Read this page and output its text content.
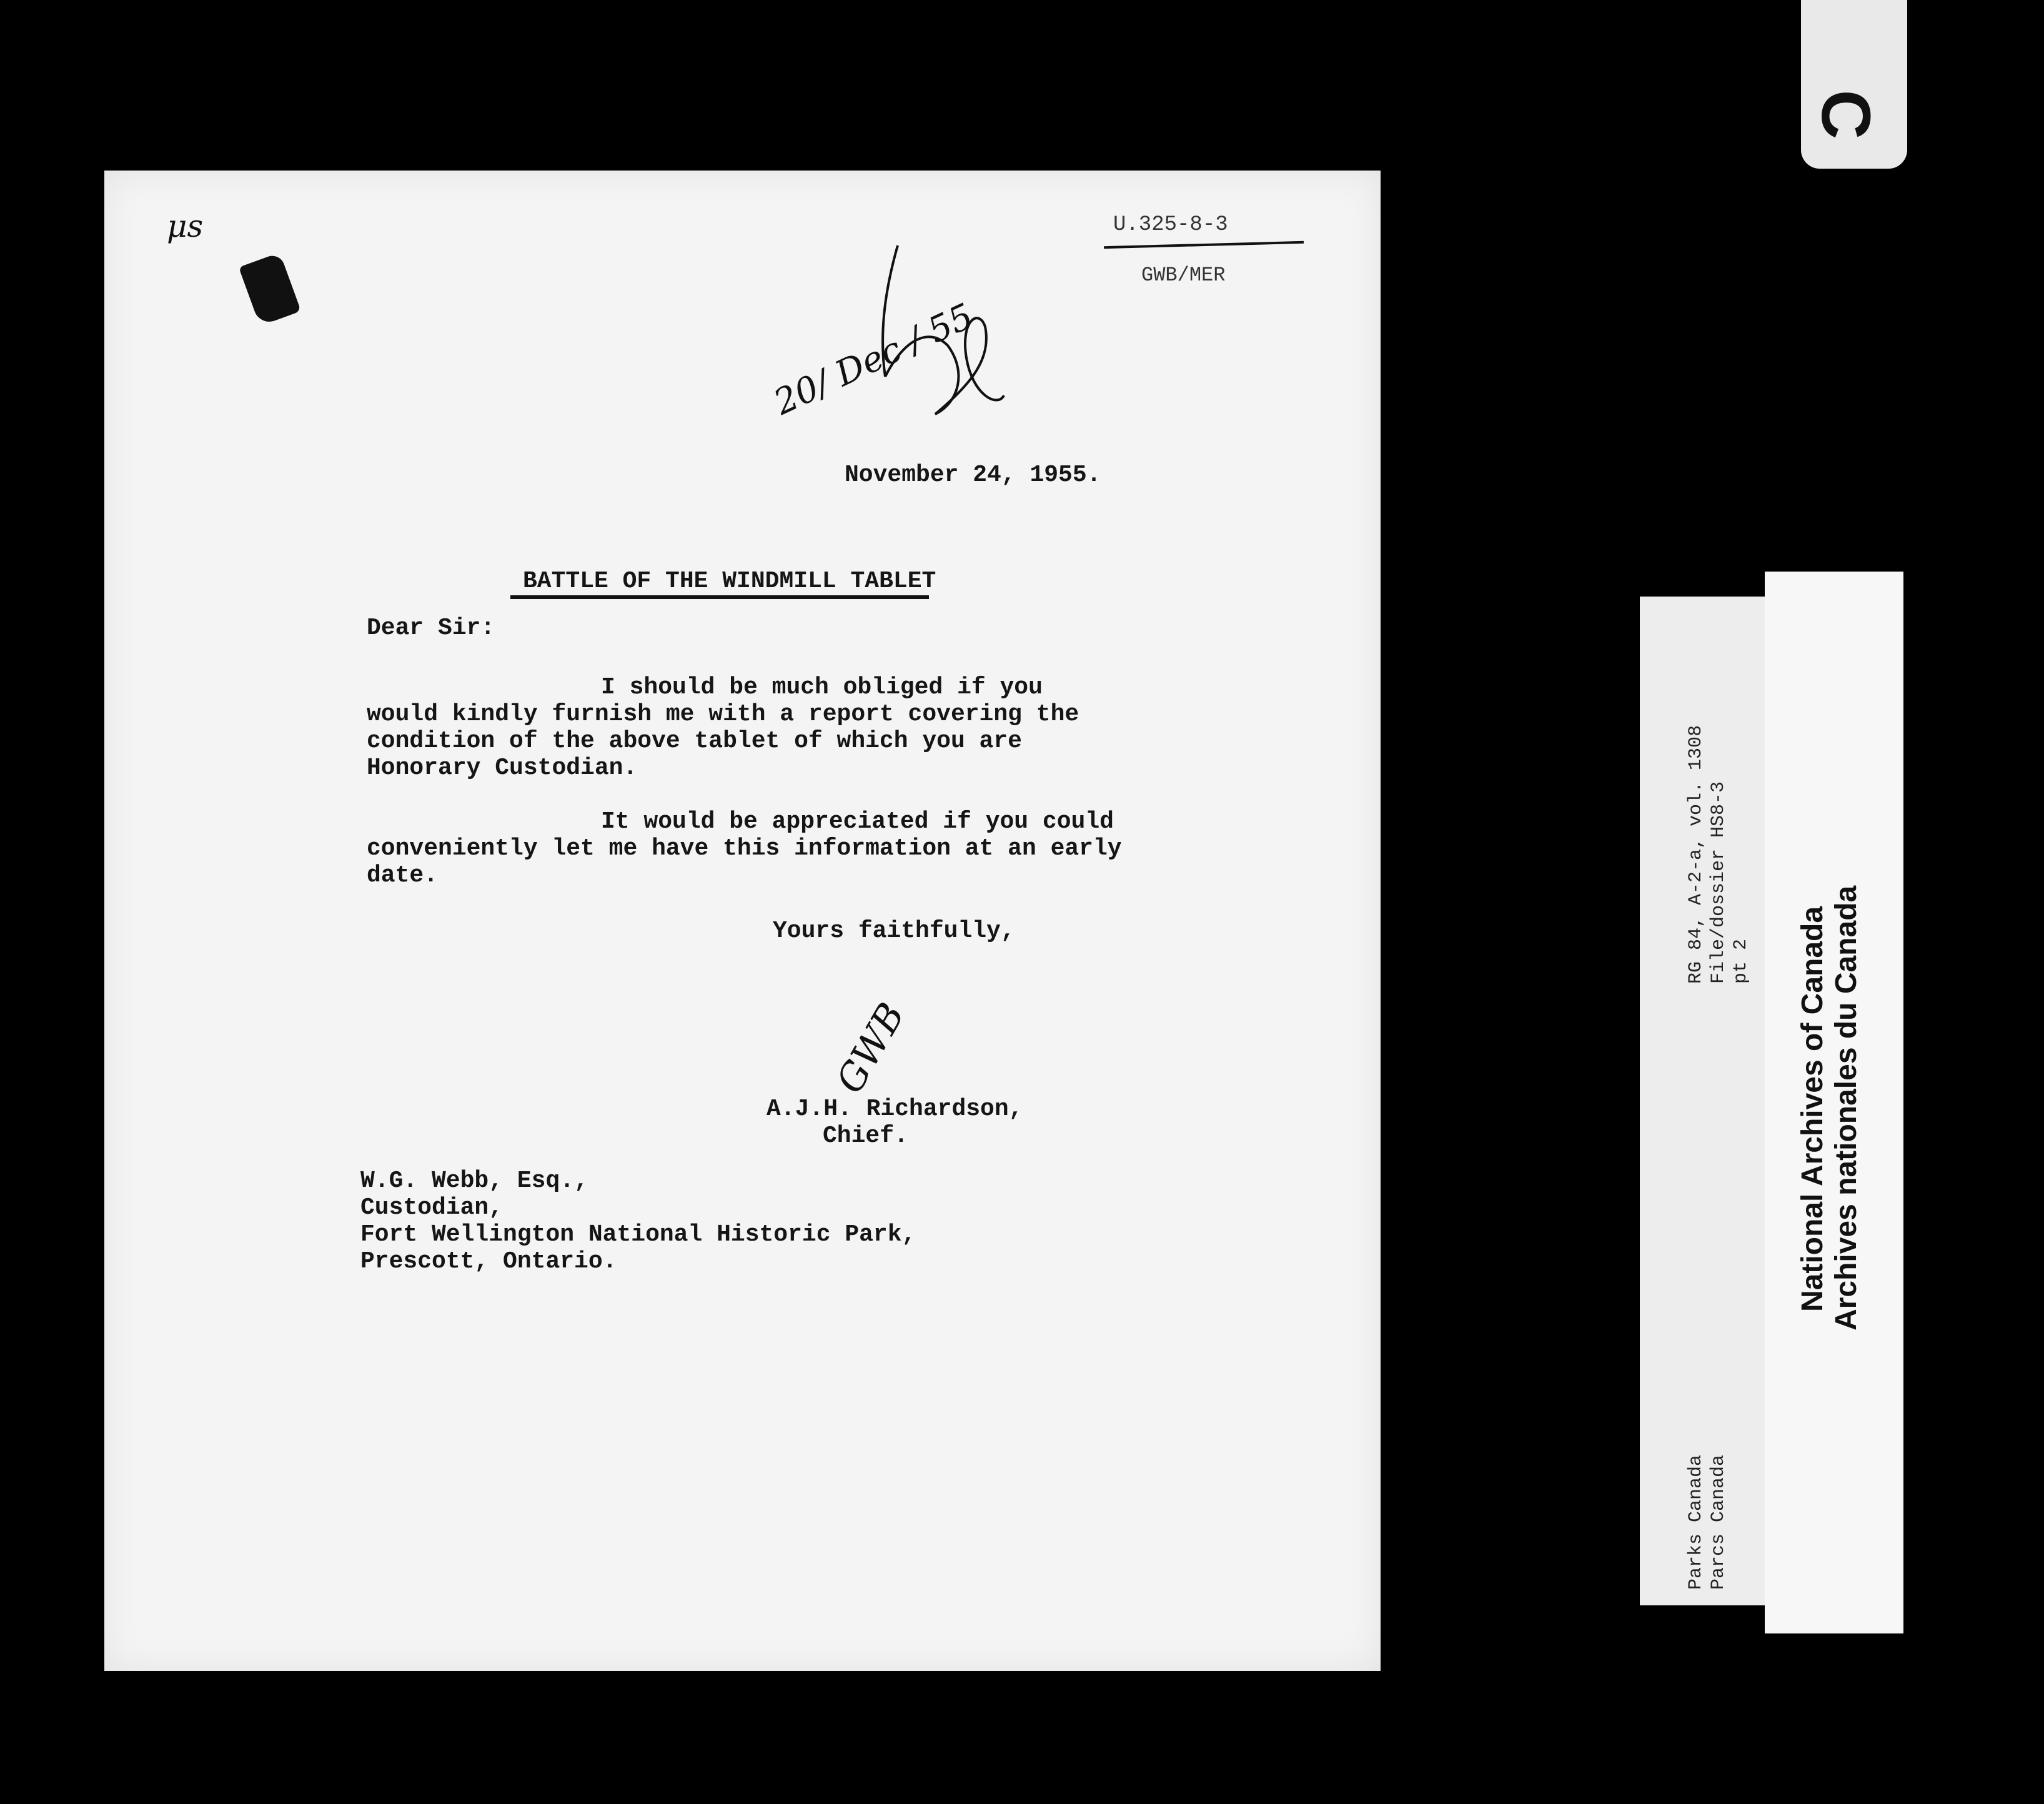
C
U.325-8-3
GWB/MER
μs
20/ Dec / 55
November 24, 1955.
BATTLE OF THE WINDMILL TABLET
Dear Sir:
I should be much obliged if you
would kindly furnish me with a report covering the
condition of the above tablet of which you are
Honorary Custodian.
It would be appreciated if you could
conveniently let me have this information at an early
date.
Yours faithfully,
GWB
A.J.H. Richardson,
Chief.
W.G. Webb, Esq.,
Custodian,
Fort Wellington National Historic Park,
Prescott, Ontario.
RG 84, A-2-a, vol. 1308 File/dossier HS8-3 pt 2
Parks Canada Parcs Canada
National Archives of Canada Archives nationales du Canada
